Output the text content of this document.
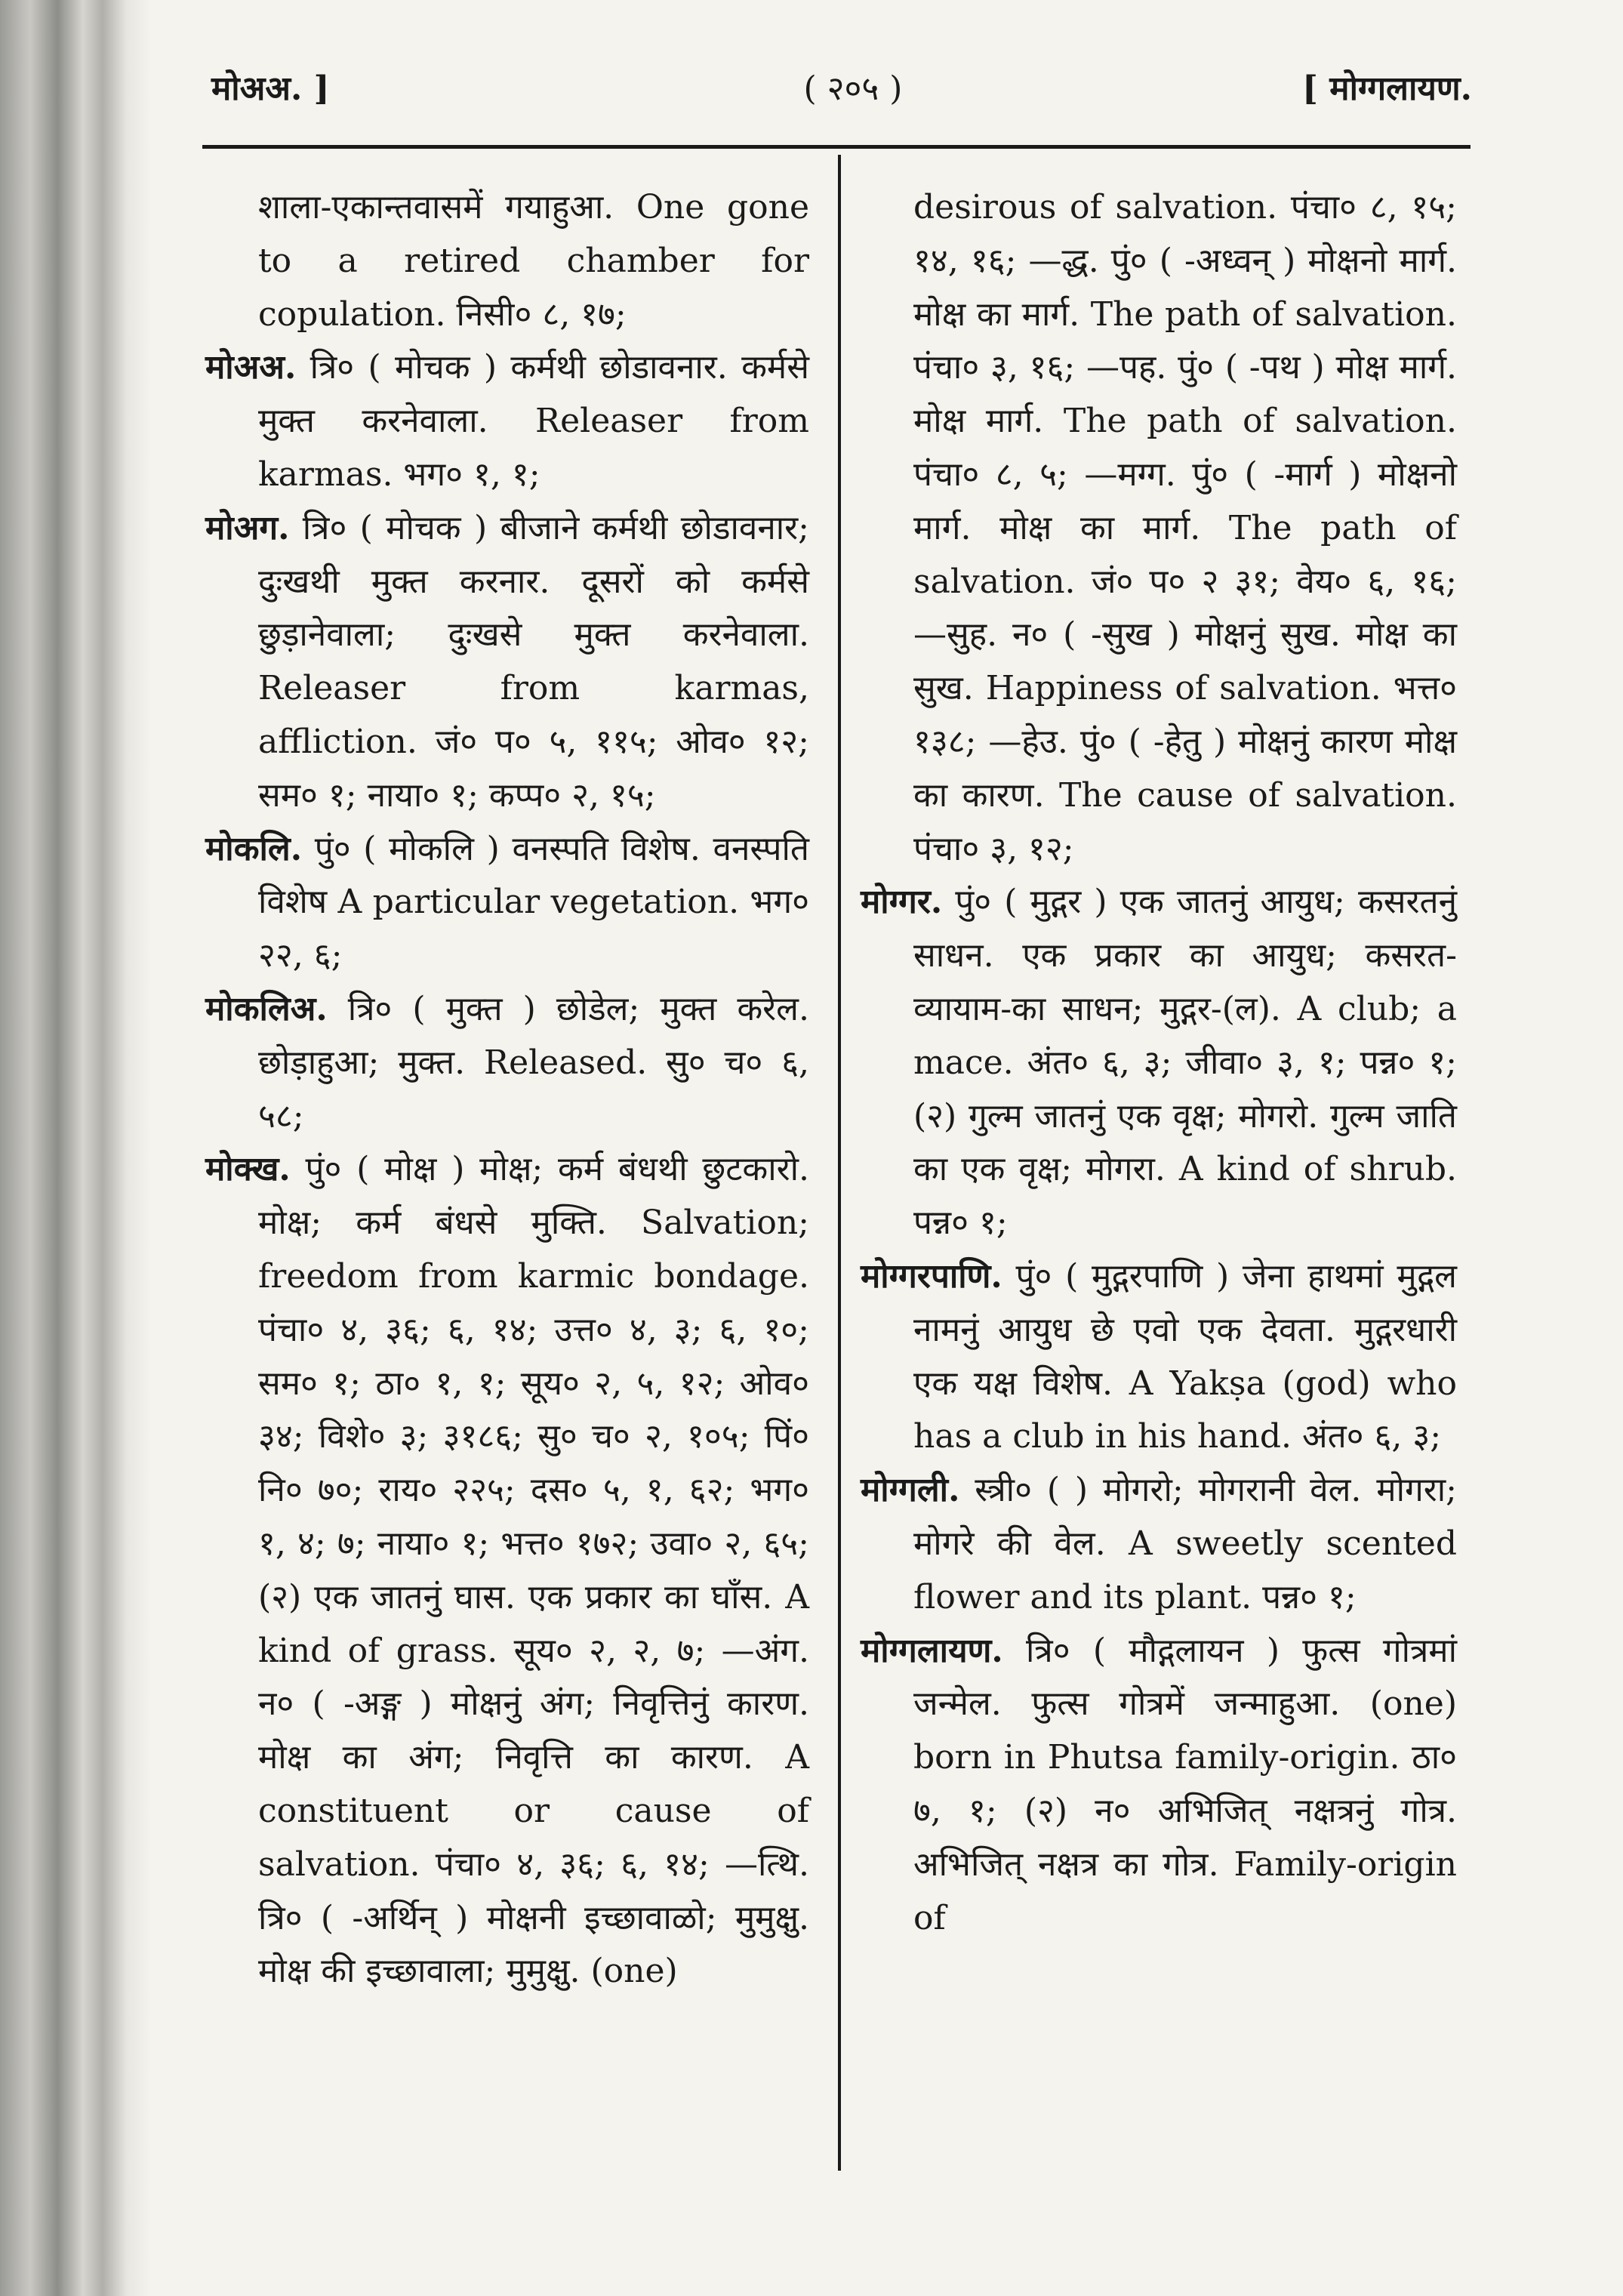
मोअअ. ]	( २०५ )	[ मोग्गलायण.

शाला-एकान्तवासमें गयाहुआ. One gone to a retired chamber for copulation. निसी० ८, १७;

मोअअ. त्रि० ( मोचक ) कर्मथी छोडावनार. कर्मसे मुक्त करनेवाला. Releaser from karmas. भग० १, १;

मोअग. त्रि० ( मोचक ) बीजाने कर्मथी छोडावनार; दुःखथी मुक्त करनार. दूसरों को कर्मसे छुड़ानेवाला; दुःखसे मुक्त करनेवाला. Releaser from karmas, affliction. जं० प० ५, ११५; ओव० १२; सम० १; नाया० १; कप्प० २, १५;

मोकलि. पुं० ( मोकलि ) वनस्पति विशेष. वनस्पति विशेष A particular vegetation. भग० २२, ६;

मोकलिअ. त्रि० ( मुक्त ) छोडेल; मुक्त करेल. छोड़ाहुआ; मुक्त. Released. सु० च० ६, ५८;

मोक्ख. पुं० ( मोक्ष ) मोक्ष; कर्म बंधथी छुटकारो. मोक्ष; कर्म बंधसे मुक्ति. Salvation; freedom from karmic bondage. पंचा० ४, ३६; ६, १४; उत्त० ४, ३; ६, १०; सम० १; ठा० १, १; सूय० २, ५, १२; ओव० ३४; विशे० ३; ३१८६; सु० च० २, १०५; पिं० नि० ७०; राय० २२५; दस० ५, १, ६२; भग० १, ४; ७; नाया० १; भत्त० १७२; उवा० २, ६५; (२) एक जातनुं घास. एक प्रकार का घाँस. A kind of grass. सूय० २, २, ७; —अंग. न० ( -अङ्ग ) मोक्षनुं अंग; निवृत्तिनुं कारण. मोक्ष का अंग; निवृत्ति का कारण. A constituent or cause of salvation. पंचा० ४, ३६; ६, १४; —त्थि. त्रि० ( -अर्थिन् ) मोक्षनी इच्छावाळो; मुमुक्षु. मोक्ष की इच्छावाला; मुमुक्षु. (one)

desirous of salvation. पंचा० ८, १५; १४, १६; —द्ध. पुं० ( -अध्वन् ) मोक्षनो मार्ग. मोक्ष का मार्ग. The path of salvation. पंचा० ३, १६; —पह. पुं० ( -पथ ) मोक्ष मार्ग. मोक्ष मार्ग. The path of salvation. पंचा० ८, ५; —मग्ग. पुं० ( -मार्ग ) मोक्षनो मार्ग. मोक्ष का मार्ग. The path of salvation. जं० प० २ ३१; वेय० ६, १६; —सुह. न० ( -सुख ) मोक्षनुं सुख. मोक्ष का सुख. Happiness of salvation. भत्त० १३८; —हेउ. पुं० ( -हेतु ) मोक्षनुं कारण मोक्ष का कारण. The cause of salvation. पंचा० ३, १२;

मोग्गर. पुं० ( मुद्गर ) एक जातनुं आयुध; कसरतनुं साधन. एक प्रकार का आयुध; कसरत-व्यायाम-का साधन; मुद्गर-(ल). A club; a mace. अंत० ६, ३; जीवा० ३, १; पन्न० १; (२) गुल्म जातनुं एक वृक्ष; मोगरो. गुल्म जाति का एक वृक्ष; मोगरा. A kind of shrub. पन्न० १;

मोग्गरपाणि. पुं० ( मुद्गरपाणि ) जेना हाथमां मुद्गल नामनुं आयुध छे एवो एक देवता. मुद्गरधारी एक यक्ष विशेष. A Yakṣa (god) who has a club in his hand. अंत० ६, ३;

मोग्गली. स्त्री० ( ) मोगरो; मोगरानी वेल. मोगरा; मोगरे की वेल. A sweetly scented flower and its plant. पन्न० १;

मोग्गलायण. त्रि० ( मौद्गलायन ) फुत्स गोत्रमां जन्मेल. फुत्स गोत्रमें जन्माहुआ. (one) born in Phutsa family-origin. ठा० ७, १; (२) न० अभिजित् नक्षत्रनुं गोत्र. अभिजित् नक्षत्र का गोत्र. Family-origin of
